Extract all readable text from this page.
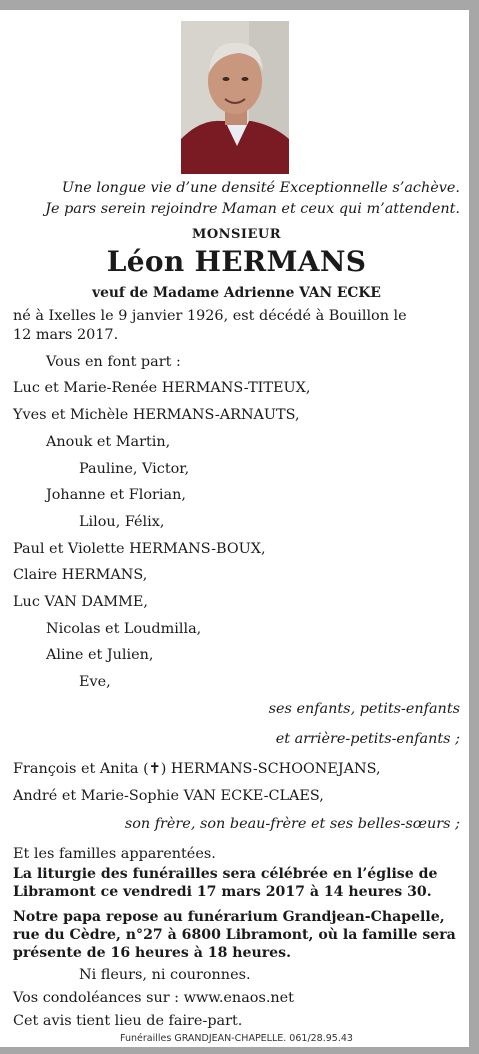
Une longue vie d’une densité Exceptionnelle s’achève.
Je pars serein rejoindre Maman et ceux qui m’attendent.
MONSIEUR
Léon HERMANS
veuf de Madame Adrienne VAN ECKE
né à Ixelles le 9 janvier 1926, est décédé à Bouillon le
12 mars 2017.
Vous en font part :
Luc et Marie-Renée HERMANS-TITEUX,
Yves et Michèle HERMANS-ARNAUTS,
Anouk et Martin,
Pauline, Victor,
Johanne et Florian,
Lilou, Félix,
Paul et Violette HERMANS-BOUX,
Claire HERMANS,
Luc VAN DAMME,
Nicolas et Loudmilla,
Aline et Julien,
Eve,
ses enfants, petits-enfants
et arrière-petits-enfants ;
François et Anita (✝) HERMANS-SCHOONEJANS,
André et Marie-Sophie VAN ECKE-CLAES,
son frère, son beau-frère et ses belles-sœurs ;
Et les familles apparentées.
La liturgie des funérailles sera célébrée en l’église de
Libramont ce vendredi 17 mars 2017 à 14 heures 30.
Notre papa repose au funérarium Grandjean-Chapelle,
rue du Cèdre, n°27 à 6800 Libramont, où la famille sera
présente de 16 heures à 18 heures.
Ni fleurs, ni couronnes.
Vos condoléances sur : www.enaos.net
Cet avis tient lieu de faire-part.
Funérailles GRANDJEAN-CHAPELLE. 061/28.95.43
